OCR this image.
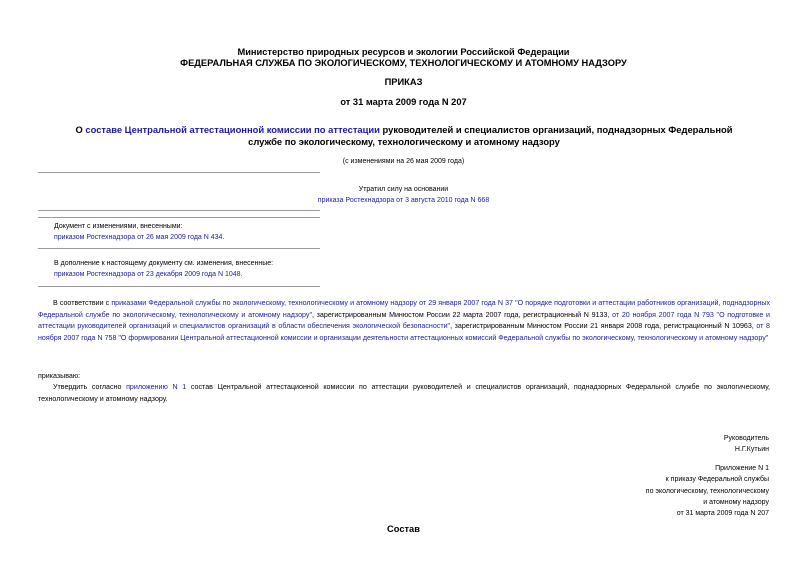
Министерство природных ресурсов и экологии Российской Федерации
ФЕДЕРАЛЬНАЯ СЛУЖБА ПО ЭКОЛОГИЧЕСКОМУ, ТЕХНОЛОГИЧЕСКОМУ И АТОМНОМУ НАДЗОРУ
ПРИКАЗ
от 31 марта 2009 года N 207
О составе Центральной аттестационной комиссии по аттестации руководителей и специалистов организаций, поднадзорных Федеральной службе по экологическому, технологическому и атомному надзору
(с изменениями на 26 мая 2009 года)
Утратил силу на основании
приказа Ростехнадзора от 3 августа 2010 года N 668
Документ с изменениями, внесенными:
приказом Ростехнадзора от 26 мая 2009 года N 434.
В дополнение к настоящему документу см. изменения, внесенные:
приказом Ростехнадзора от 23 декабря 2009 года N 1048.
В соответствии с приказами Федеральной службы по экологическому, технологическому и атомному надзору от 29 января 2007 года N 37 "О порядке подготовки и аттестации работников организаций, поднадзорных Федеральной службе по экологическому, технологическому и атомному надзору", зарегистрированным Минюстом России 22 марта 2007 года, регистрационный N 9133, от 20 ноября 2007 года N 793 "О подготовке и аттестации руководителей организаций и специалистов организаций в области обеспечения экологической безопасности", зарегистрированным Минюстом России 21 января 2008 года, регистрационный N 10963, от 8 ноября 2007 года N 758 "О формировании Центральной аттестационной комиссии и организации деятельности аттестационных комиссий Федеральной службы по экологическому, технологическому и атомному надзору"
приказываю:
Утвердить согласно приложению N 1 состав Центральной аттестационной комиссии по аттестации руководителей и специалистов организаций, поднадзорных Федеральной службе по экологическому, технологическому и атомному надзору.
Руководитель
Н.Г.Кутьин
Приложение N 1
к приказу Федеральной службы
по экологическому, технологическому
и атомному надзору
от 31 марта 2009 года N 207
Состав
